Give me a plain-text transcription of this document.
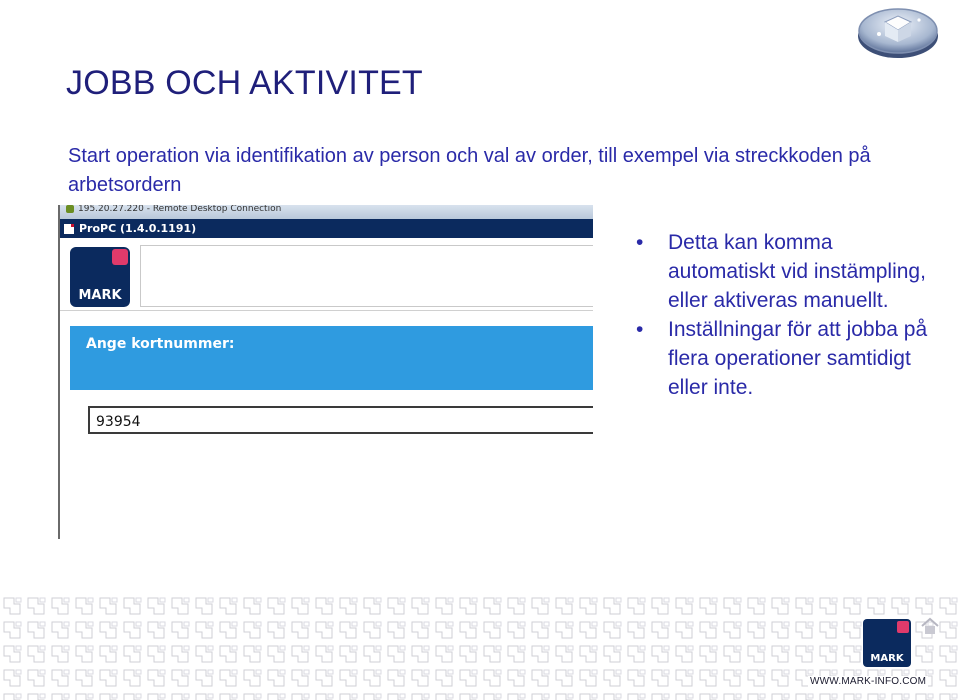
JOBB OCH AKTIVITET
Start operation via identifikation av person och val av order, till exempel via streckkoden på arbetsordern
195.20.27.220 - Remote Desktop Connection
ProPC (1.4.0.1191)
MARK
Ange kortnummer:
93954
• Detta kan komma automatiskt vid instämpling, eller aktiveras manuellt.
• Inställningar för att jobba på flera operationer samtidigt eller inte.
MARK
WWW.MARK-INFO.COM
